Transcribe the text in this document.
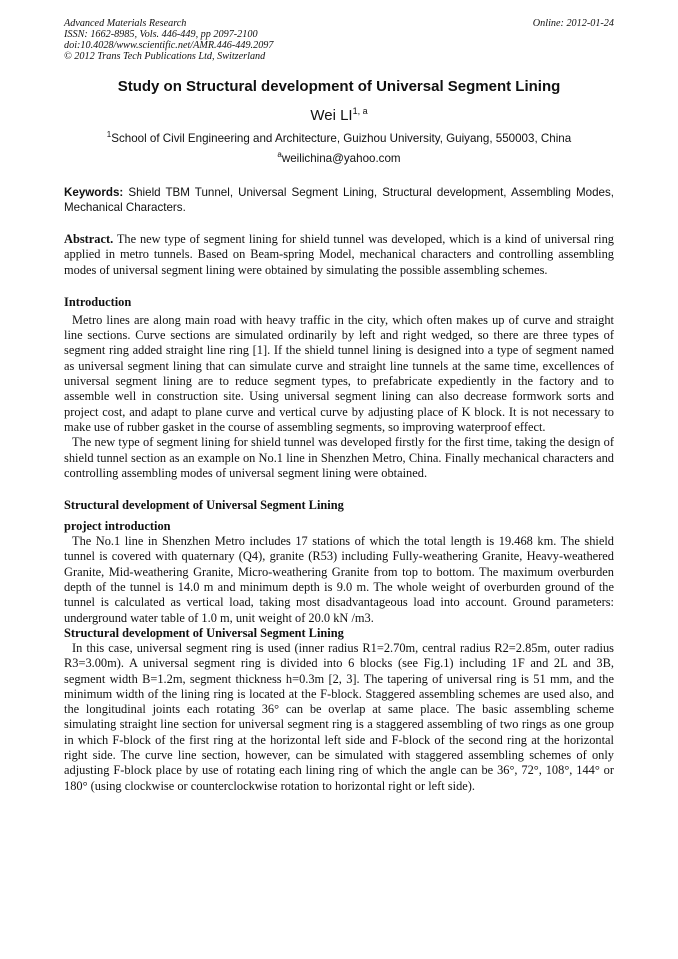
Advanced Materials Research
ISSN: 1662-8985, Vols. 446-449, pp 2097-2100
doi:10.4028/www.scientific.net/AMR.446-449.2097
© 2012 Trans Tech Publications Ltd, Switzerland
Online: 2012-01-24
Study on Structural development of Universal Segment Lining
Wei LI$^{1, a}$
$^1$School of Civil Engineering and Architecture, Guizhou University, Guiyang, 550003, China
$^a$weilichina@yahoo.com
Keywords: Shield TBM Tunnel, Universal Segment Lining, Structural development, Assembling Modes, Mechanical Characters.
Abstract. The new type of segment lining for shield tunnel was developed, which is a kind of universal ring applied in metro tunnels. Based on Beam-spring Model, mechanical characters and controlling assembling modes of universal segment lining were obtained by simulating the possible assembling schemes.
Introduction

Metro lines are along main road with heavy traffic in the city, which often makes up of curve and straight line sections. Curve sections are simulated ordinarily by left and right wedged, so there are three types of segment ring added straight line ring [1]. If the shield tunnel lining is designed into a type of segment named as universal segment lining that can simulate curve and straight line tunnels at the same time, excellences of universal segment lining are to reduce segment types, to prefabricate expediently in the factory and to assemble well in construction site. Using universal segment lining can also decrease formwork sorts and project cost, and adapt to plane curve and vertical curve by adjusting place of K block. It is not necessary to make use of rubber gasket in the course of assembling segments, so improving waterproof effect.

The new type of segment lining for shield tunnel was developed firstly for the first time, taking the design of shield tunnel section as an example on No.1 line in Shenzhen Metro, China. Finally mechanical characters and controlling assembling modes of universal segment lining were obtained.

Structural development of Universal Segment Lining
project introduction

The No.1 line in Shenzhen Metro includes 17 stations of which the total length is 19.468 km. The shield tunnel is covered with quaternary (Q4), granite (R53) including Fully-weathering Granite, Heavy-weathered Granite, Mid-weathering Granite, Micro-weathering Granite from top to bottom. The maximum overburden depth of the tunnel is 14.0 m and minimum depth is 9.0 m. The whole weight of overburden ground of the tunnel is calculated as vertical load, taking most disadvantageous load into account. Ground parameters: underground water table of 1.0 m, unit weight of 20.0 kN /m3.

Structural development of Universal Segment Lining

In this case, universal segment ring is used (inner radius R1=2.70m, central radius R2=2.85m, outer radius R3=3.00m). A universal segment ring is divided into 6 blocks (see Fig.1) including 1F and 2L and 3B, segment width B=1.2m, segment thickness h=0.3m [2, 3]. The tapering of universal ring is 51 mm, and the minimum width of the lining ring is located at the F-block. Staggered assembling schemes are used also, and the longitudinal joints each rotating 36° can be overlap at same place. The basic assembling scheme simulating straight line section for universal segment ring is a staggered assembling of two rings as one group in which F-block of the first ring at the horizontal left side and F-block of the second ring at the horizontal right side. The curve line section, however, can be simulated with staggered assembling schemes of only adjusting F-block place by use of rotating each lining ring of which the angle can be 36°, 72°, 108°, 144° or 180° (using clockwise or counterclockwise rotation to horizontal right or left side).
